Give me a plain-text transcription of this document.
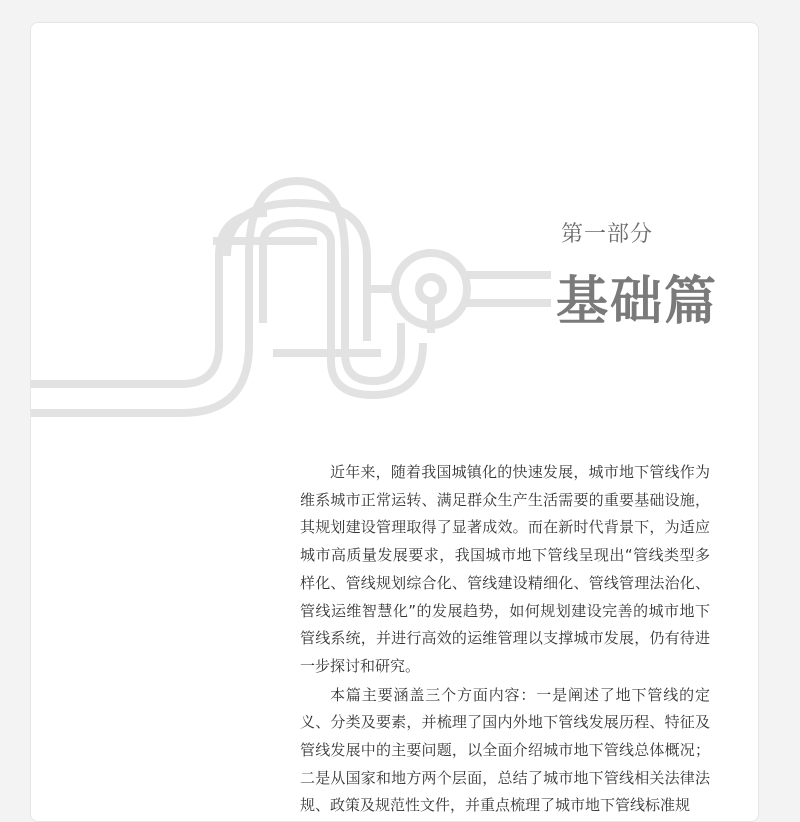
第一部分
基础篇

近年来，随着我国城镇化的快速发展，城市地下管线作为维系城市正常运转、满足群众生产生活需要的重要基础设施，其规划建设管理取得了显著成效。而在新时代背景下，为适应城市高质量发展要求，我国城市地下管线呈现出“管线类型多样化、管线规划综合化、管线建设精细化、管线管理法治化、管线运维智慧化”的发展趋势，如何规划建设完善的城市地下管线系统，并进行高效的运维管理以支撑城市发展，仍有待进一步探讨和研究。

本篇主要涵盖三个方面内容：一是阐述了地下管线的定义、分类及要素，并梳理了国内外地下管线发展历程、特征及管线发展中的主要问题，以全面介绍城市地下管线总体概况；二是从国家和地方两个层面，总结了城市地下管线相关法律法规、政策及规范性文件，并重点梳理了城市地下管线标准规
